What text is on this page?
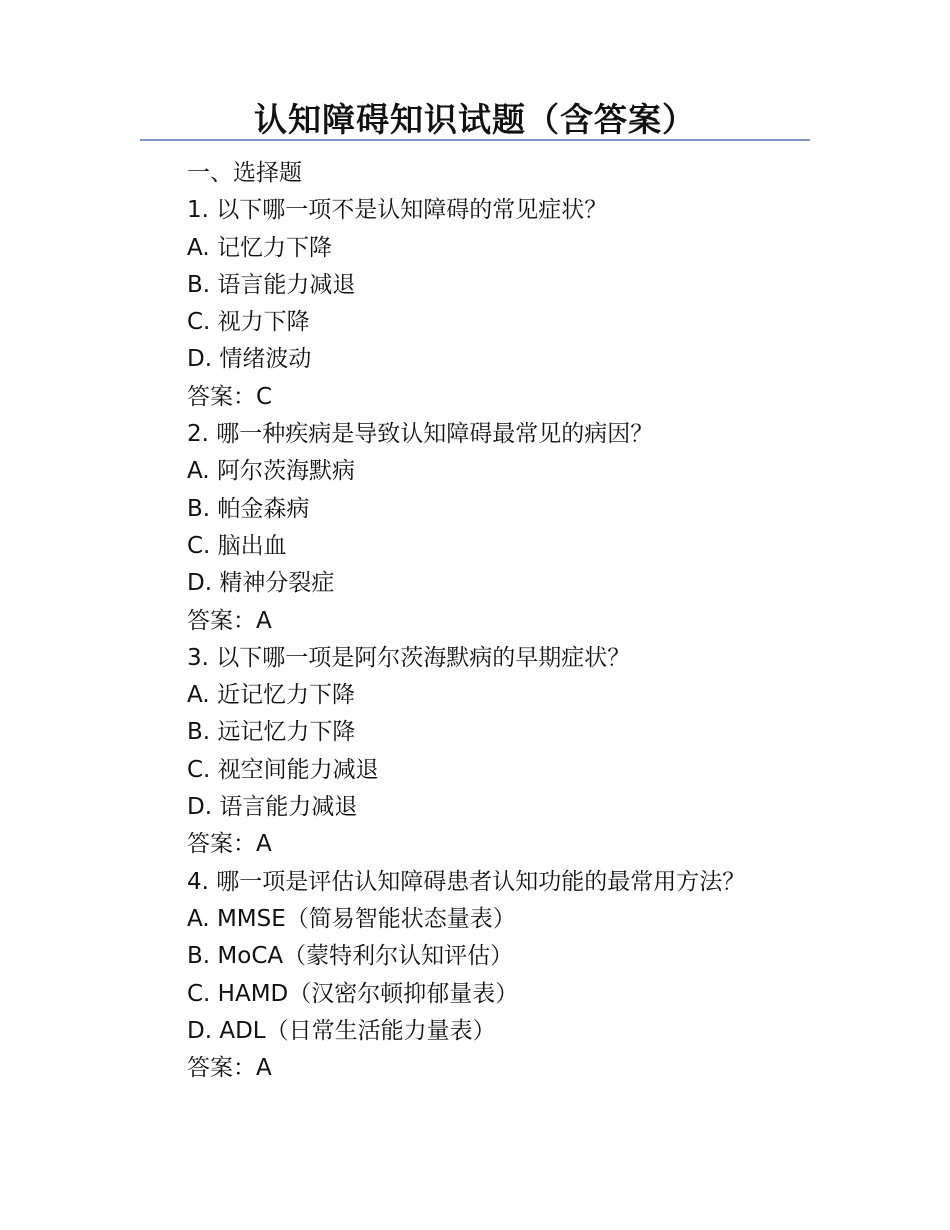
认知障碍知识试题（含答案）
一、选择题
1. 以下哪一项不是认知障碍的常见症状？
A. 记忆力下降
B. 语言能力减退
C. 视力下降
D. 情绪波动
答案：C
2. 哪一种疾病是导致认知障碍最常见的病因？
A. 阿尔茨海默病
B. 帕金森病
C. 脑出血
D. 精神分裂症
答案：A
3. 以下哪一项是阿尔茨海默病的早期症状？
A. 近记忆力下降
B. 远记忆力下降
C. 视空间能力减退
D. 语言能力减退
答案：A
4. 哪一项是评估认知障碍患者认知功能的最常用方法？
A. MMSE（简易智能状态量表）
B. MoCA（蒙特利尔认知评估）
C. HAMD（汉密尔顿抑郁量表）
D. ADL（日常生活能力量表）
答案：A
